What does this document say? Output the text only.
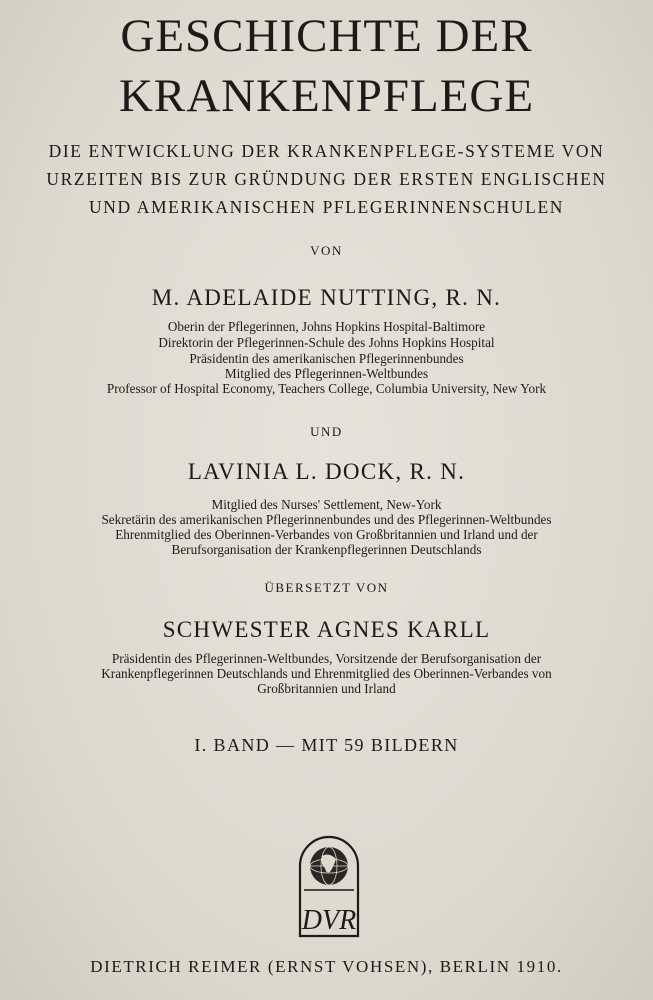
GESCHICHTE DER
KRANKENPFLEGE
DIE ENTWICKLUNG DER KRANKENPFLEGE-SYSTEME VON
URZEITEN BIS ZUR GRÜNDUNG DER ERSTEN ENGLISCHEN
UND AMERIKANISCHEN PFLEGERINNENSCHULEN
VON
M. ADELAIDE NUTTING, R. N.
Oberin der Pflegerinnen, Johns Hopkins Hospital-Baltimore
Direktorin der Pflegerinnen-Schule des Johns Hopkins Hospital
Präsidentin des amerikanischen Pflegerinnenbundes
Mitglied des Pflegerinnen-Weltbundes
Professor of Hospital Economy, Teachers College, Columbia University, New York
UND
LAVINIA L. DOCK, R. N.
Mitglied des Nurses' Settlement, New-York
Sekretärin des amerikanischen Pflegerinnenbundes und des Pflegerinnen-Weltbundes
Ehrenmitglied des Oberinnen-Verbandes von Großbritannien und Irland und der
Berufsorganisation der Krankenpflegerinnen Deutschlands
ÜBERSETZT VON
SCHWESTER AGNES KARLL
Präsidentin des Pflegerinnen-Weltbundes, Vorsitzende der Berufsorganisation der
Krankenpflegerinnen Deutschlands und Ehrenmitglied des Oberinnen-Verbandes von
Großbritannien und Irland
I. BAND — MIT 59 BILDERN
DVR
DIETRICH REIMER (ERNST VOHSEN), BERLIN 1910.
